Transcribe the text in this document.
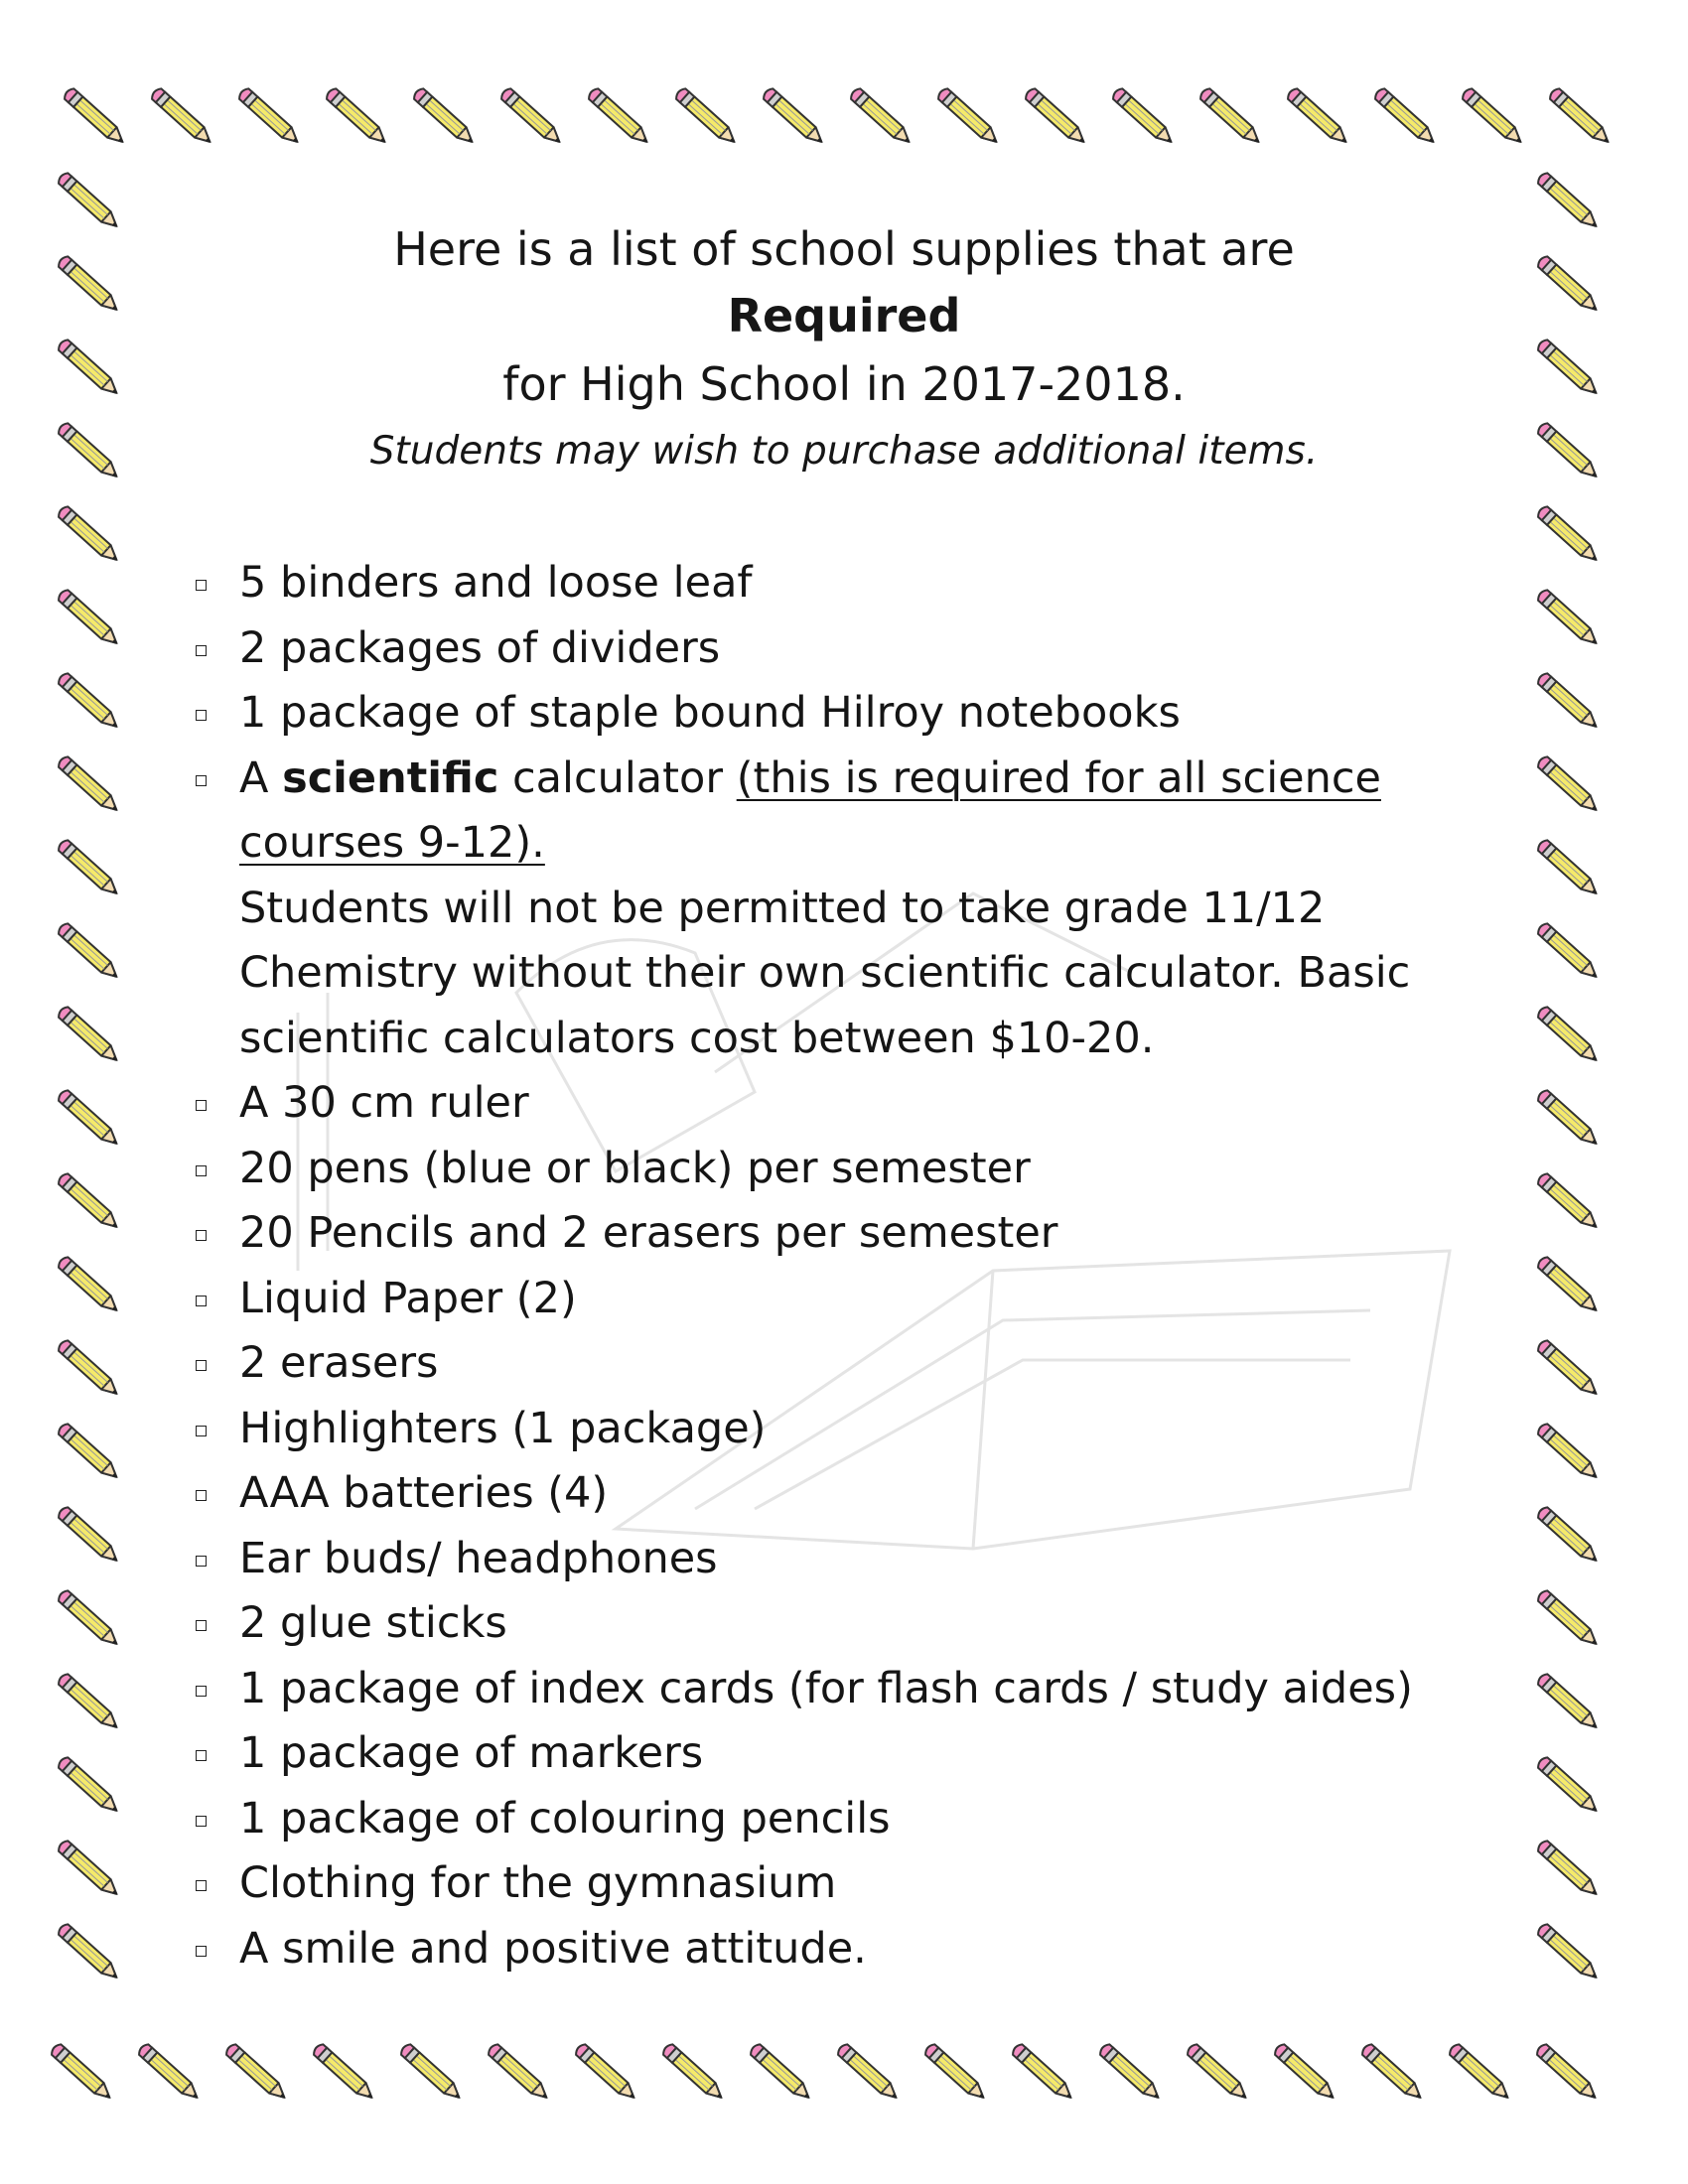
Here is a list of school supplies that are
Required
for High School in 2017-2018.
Students may wish to purchase additional items.
5 binders and loose leaf
2 packages of dividers
1 package of staple bound Hilroy notebooks
A scientific calculator (this is required for all science
courses 9-12).
Students will not be permitted to take grade 11/12
Chemistry without their own scientific calculator. Basic
scientific calculators cost between $10-20.
A 30 cm ruler
20 pens (blue or black) per semester
20 Pencils and 2 erasers per semester
Liquid Paper (2)
2 erasers
Highlighters (1 package)
AAA batteries (4)
Ear buds/ headphones
2 glue sticks
1 package of index cards (for flash cards / study aides)
1 package of markers
1 package of colouring pencils
Clothing for the gymnasium
A smile and positive attitude.
